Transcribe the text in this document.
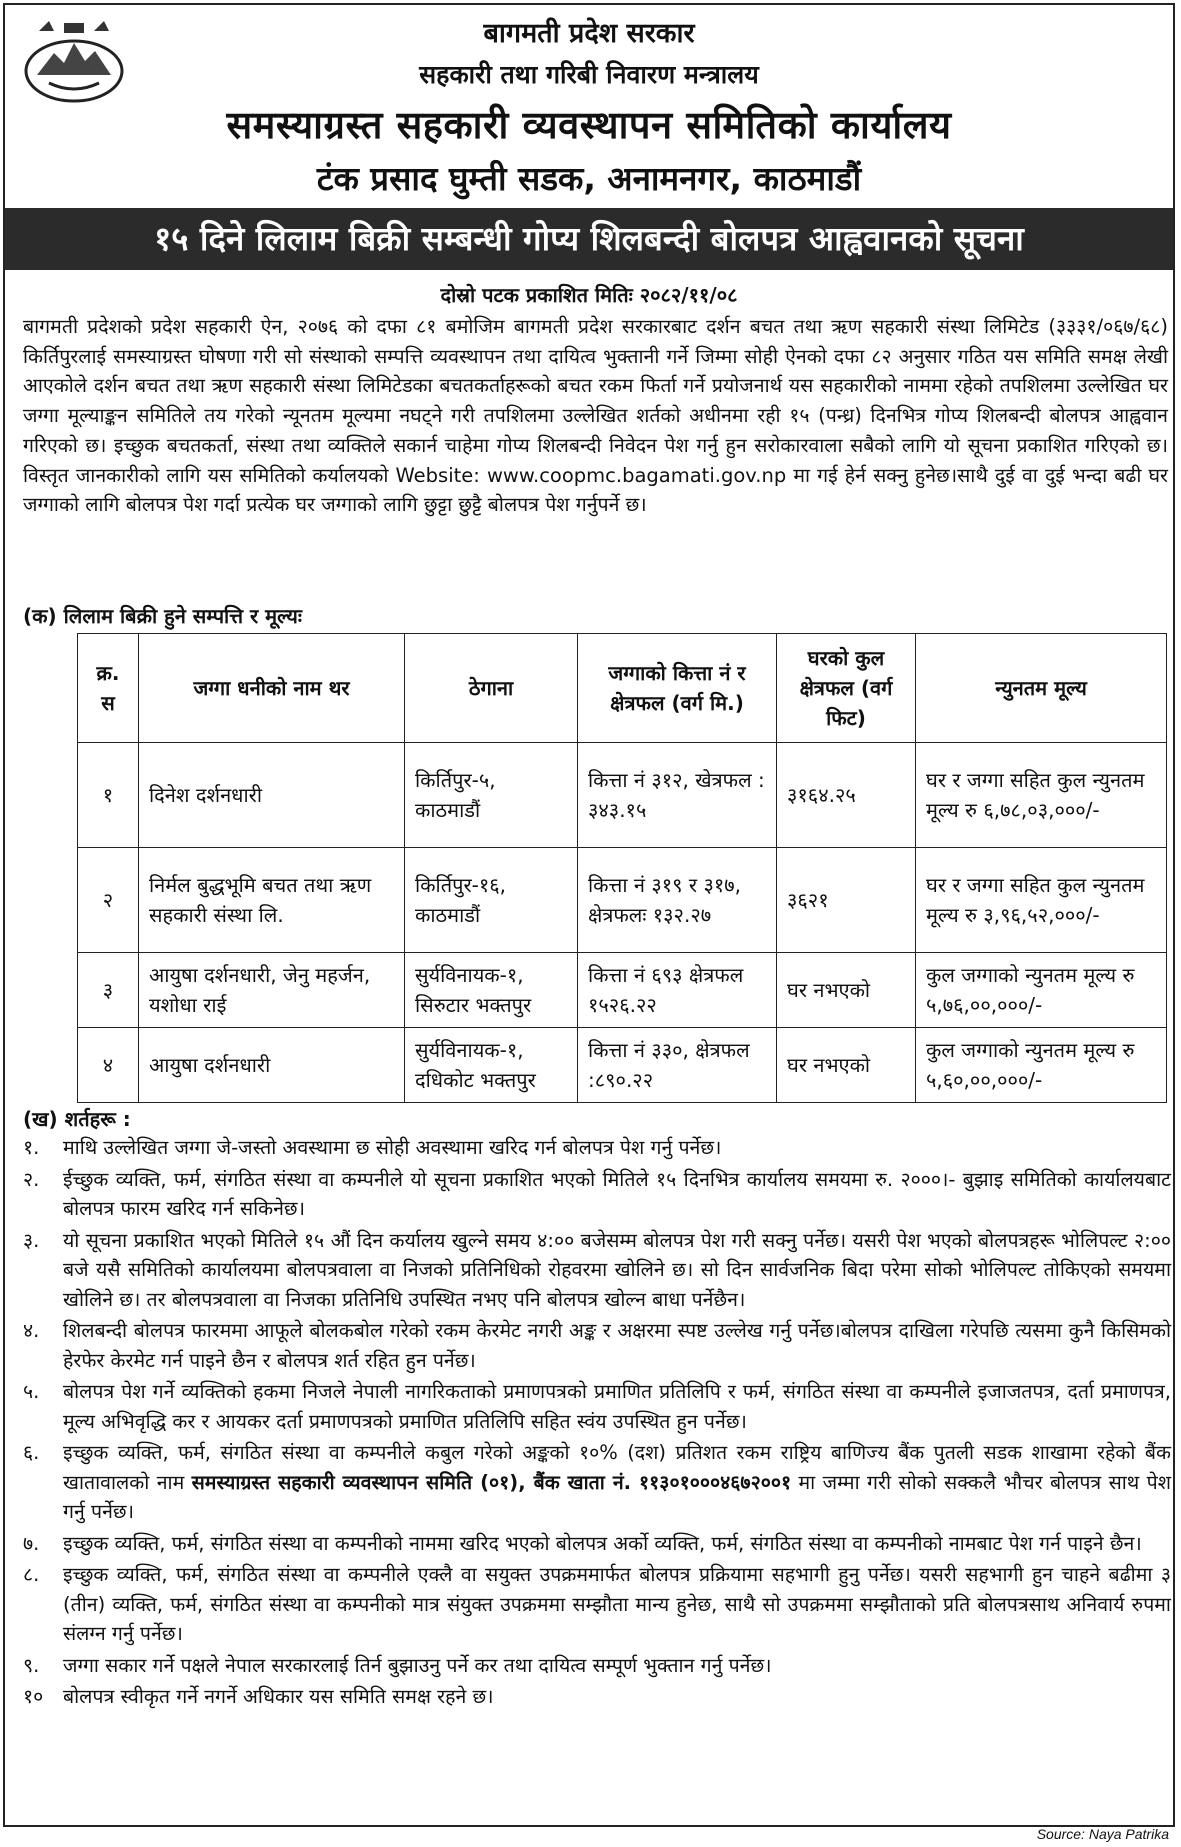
बागमती प्रदेश सरकार
सहकारी तथा गरिबी निवारण मन्त्रालय
समस्याग्रस्त सहकारी व्यवस्थापन समितिको कार्यालय
टंक प्रसाद घुम्ती सडक, अनामनगर, काठमाडौं
१५ दिने लिलाम बिक्री सम्बन्धी गोप्य शिलबन्दी बोलपत्र आह्ववानको सूचना
दोस्रो पटक प्रकाशित मितिः २०८२/११/०८
बागमती प्रदेशको प्रदेश सहकारी ऐन, २०७६ को दफा ८१ बमोजिम बागमती प्रदेश सरकारबाट दर्शन बचत तथा ऋण सहकारी संस्था लिमिटेड (३३३१/०६७/६८) किर्तिपुरलाई समस्याग्रस्त घोषणा गरी सो संस्थाको सम्पत्ति व्यवस्थापन तथा दायित्व भुक्तानी गर्ने जिम्मा सोही ऐनको दफा ८२ अनुसार गठित यस समिति समक्ष लेखी आएकोले दर्शन बचत तथा ऋण सहकारी संस्था लिमिटेडका बचतकर्ताहरूको बचत रकम फिर्ता गर्ने प्रयोजनार्थ यस सहकारीको नाममा रहेको तपशिलमा उल्लेखित घर जग्गा मूल्याङ्कन समितिले तय गरेको न्यूनतम मूल्यमा नघट्ने गरी तपशिलमा उल्लेखित शर्तको अधीनमा रही १५ (पन्ध्र) दिनभित्र गोप्य शिलबन्दी बोलपत्र आह्ववान गरिएको छ। इच्छुक बचतकर्ता, संस्था तथा व्यक्तिले सकार्न चाहेमा गोप्य शिलबन्दी निवेदन पेश गर्नु हुन सरोकारवाला सबैको लागि यो सूचना प्रकाशित गरिएको छ। विस्तृत जानकारीको लागि यस समितिको कर्यालयको Website: www.coopmc.bagamati.gov.np मा गई हेर्न सक्नु हुनेछ।साथै दुई वा दुई भन्दा बढी घर जग्गाको लागि बोलपत्र पेश गर्दा प्रत्येक घर जग्गाको लागि छुट्टा छुट्टै बोलपत्र पेश गर्नुपर्ने छ।
(क) लिलाम बिक्री हुने सम्पत्ति र मूल्यः
क्र. स	जग्गा धनीको नाम थर	ठेगाना	जग्गाको कित्ता नं र क्षेत्रफल (वर्ग मि.)	घरको कुल क्षेत्रफल (वर्ग फिट)	न्युनतम मूल्य
१	दिनेश दर्शनधारी	किर्तिपुर-५, काठमाडौं	कित्ता नं ३१२, खेत्रफल : ३४३.१५	३१६४.२५	घर र जग्गा सहित कुल न्युनतम मूल्य रु ६,७८,०३,०००/-
२	निर्मल बुद्धभूमि बचत तथा ऋण सहकारी संस्था लि.	किर्तिपुर-१६, काठमाडौं	कित्ता नं ३१९ र ३१७, क्षेत्रफलः १३२.२७	३६२१	घर र जग्गा सहित कुल न्युनतम मूल्य रु ३,९६,५२,०००/-
३	आयुषा दर्शनधारी, जेनु महर्जन, यशोधा राई	सुर्यविनायक-१, सिरुटार भक्तपुर	कित्ता नं ६९३ क्षेत्रफल १५२६.२२	घर नभएको	कुल जग्गाको न्युनतम मूल्य रु ५,७६,००,०००/-
४	आयुषा दर्शनधारी	सुर्यविनायक-१, दधिकोट भक्तपुर	कित्ता नं ३३०, क्षेत्रफल :८९०.२२	घर नभएको	कुल जग्गाको न्युनतम मूल्य रु ५,६०,००,०००/-
(ख) शर्तहरू :
१.	माथि उल्लेखित जग्गा जे-जस्तो अवस्थामा छ सोही अवस्थामा खरिद गर्न बोलपत्र पेश गर्नु पर्नेछ।
२.	ईच्छुक व्यक्ति, फर्म, संगठित संस्था वा कम्पनीले यो सूचना प्रकाशित भएको मितिले १५ दिनभित्र कार्यालय समयमा रु. २०००।- बुझाइ समितिको कार्यालयबाट बोलपत्र फारम खरिद गर्न सकिनेछ।
३.	यो सूचना प्रकाशित भएको मितिले १५ औं दिन कर्यालय खुल्ने समय ४:०० बजेसम्म बोलपत्र पेश गरी सक्नु पर्नेछ। यसरी पेश भएको बोलपत्रहरू भोलिपल्ट २:०० बजे यसै समितिको कार्यालयमा बोलपत्रवाला वा निजको प्रतिनिधिको रोहवरमा खोलिने छ। सो दिन सार्वजनिक बिदा परेमा सोको भोलिपल्ट तोकिएको समयमा खोलिने छ। तर बोलपत्रवाला वा निजका प्रतिनिधि उपस्थित नभए पनि बोलपत्र खोल्न बाधा पर्नेछैन।
४.	शिलबन्दी बोलपत्र फारममा आफूले बोलकबोल गरेको रकम केरमेट नगरी अङ्क र अक्षरमा स्पष्ट उल्लेख गर्नु पर्नेछ।बोलपत्र दाखिला गरेपछि त्यसमा कुनै किसिमको हेरफेर केरमेट गर्न पाइने छैन र बोलपत्र शर्त रहित हुन पर्नेछ।
५.	बोलपत्र पेश गर्ने व्यक्तिको हकमा निजले नेपाली नागरिकताको प्रमाणपत्रको प्रमाणित प्रतिलिपि र फर्म, संगठित संस्था वा कम्पनीले इजाजतपत्र, दर्ता प्रमाणपत्र, मूल्य अभिवृद्धि कर र आयकर दर्ता प्रमाणपत्रको प्रमाणित प्रतिलिपि सहित स्वंय उपस्थित हुन पर्नेछ।
६.	इच्छुक व्यक्ति, फर्म, संगठित संस्था वा कम्पनीले कबुल गरेको अङ्कको १०% (दश) प्रतिशत रकम राष्ट्रिय बाणिज्य बैंक पुतली सडक शाखामा रहेको बैंक खातावालको नाम समस्याग्रस्त सहकारी व्यवस्थापन समिति (०१), बैंक खाता नं. ११३०१०००४६७२००१ मा जम्मा गरी सोको सक्कलै भौचर बोलपत्र साथ पेश गर्नु पर्नेछ।
७.	इच्छुक व्यक्ति, फर्म, संगठित संस्था वा कम्पनीको नाममा खरिद भएको बोलपत्र अर्को व्यक्ति, फर्म, संगठित संस्था वा कम्पनीको नामबाट पेश गर्न पाइने छैन।
८.	इच्छुक व्यक्ति, फर्म, संगठित संस्था वा कम्पनीले एक्लै वा सयुक्त उपक्रममार्फत बोलपत्र प्रक्रियामा सहभागी हुनु पर्नेछ। यसरी सहभागी हुन चाहने बढीमा ३ (तीन) व्यक्ति, फर्म, संगठित संस्था वा कम्पनीको मात्र संयुक्त उपक्रममा सम्झौता मान्य हुनेछ, साथै सो उपक्रममा सम्झौताको प्रति बोलपत्रसाथ अनिवार्य रुपमा संलग्न गर्नु पर्नेछ।
९.	जग्गा सकार गर्ने पक्षले नेपाल सरकारलाई तिर्न बुझाउनु पर्ने कर तथा दायित्व सम्पूर्ण भुक्तान गर्नु पर्नेछ।
१०	बोलपत्र स्वीकृत गर्ने नगर्ने अधिकार यस समिति समक्ष रहने छ।
Source: Naya Patrika
